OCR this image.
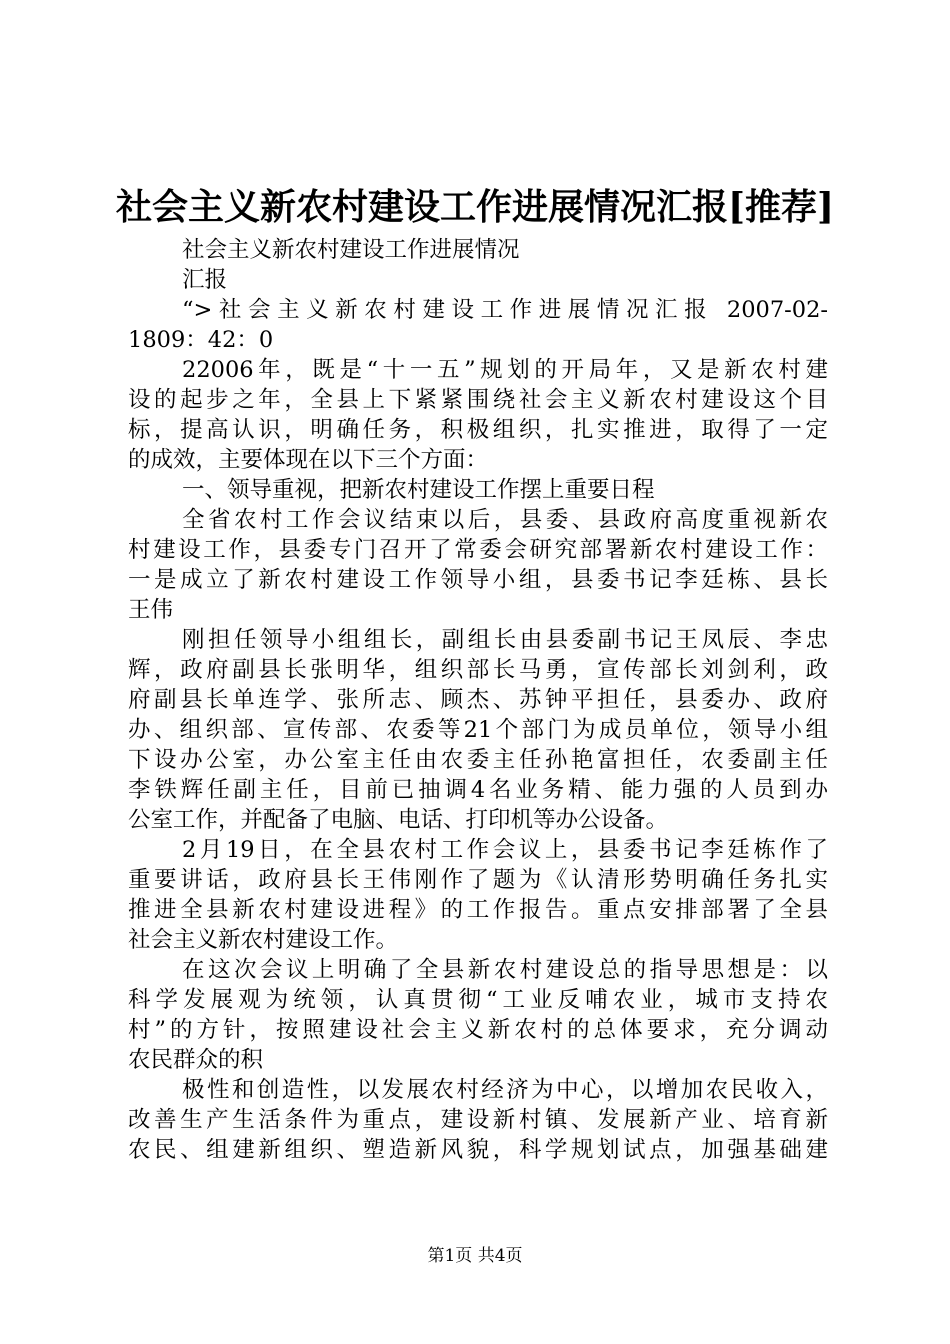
社会主义新农村建设工作进展情况汇报[推荐]
社会主义新农村建设工作进展情况
汇报
“>社会主义新农村建设工作进展情况汇报 2007-02-
1809：42：0
22006年，既是“十一五”规划的开局年，又是新农村建
设的起步之年，全县上下紧紧围绕社会主义新农村建设这个目
标，提高认识，明确任务，积极组织，扎实推进，取得了一定
的成效，主要体现在以下三个方面：
一、领导重视，把新农村建设工作摆上重要日程
全省农村工作会议结束以后，县委、县政府高度重视新农
村建设工作，县委专门召开了常委会研究部署新农村建设工作：
一是成立了新农村建设工作领导小组，县委书记李廷栋、县长
王伟
刚担任领导小组组长，副组长由县委副书记王凤辰、李忠
辉，政府副县长张明华，组织部长马勇，宣传部长刘剑利，政
府副县长单连学、张所志、顾杰、苏钟平担任，县委办、政府
办、组织部、宣传部、农委等21个部门为成员单位，领导小组
下设办公室，办公室主任由农委主任孙艳富担任，农委副主任
李铁辉任副主任，目前已抽调4名业务精、能力强的人员到办
公室工作，并配备了电脑、电话、打印机等办公设备。
2月19日，在全县农村工作会议上，县委书记李廷栋作了
重要讲话，政府县长王伟刚作了题为《认清形势明确任务扎实
推进全县新农村建设进程》的工作报告。重点安排部署了全县
社会主义新农村建设工作。
在这次会议上明确了全县新农村建设总的指导思想是：以
科学发展观为统领，认真贯彻“工业反哺农业，城市支持农
村”的方针，按照建设社会主义新农村的总体要求，充分调动
农民群众的积
极性和创造性，以发展农村经济为中心，以增加农民收入，
改善生产生活条件为重点，建设新村镇、发展新产业、培育新
农民、组建新组织、塑造新风貌，科学规划试点，加强基础建
第1页 共4页
